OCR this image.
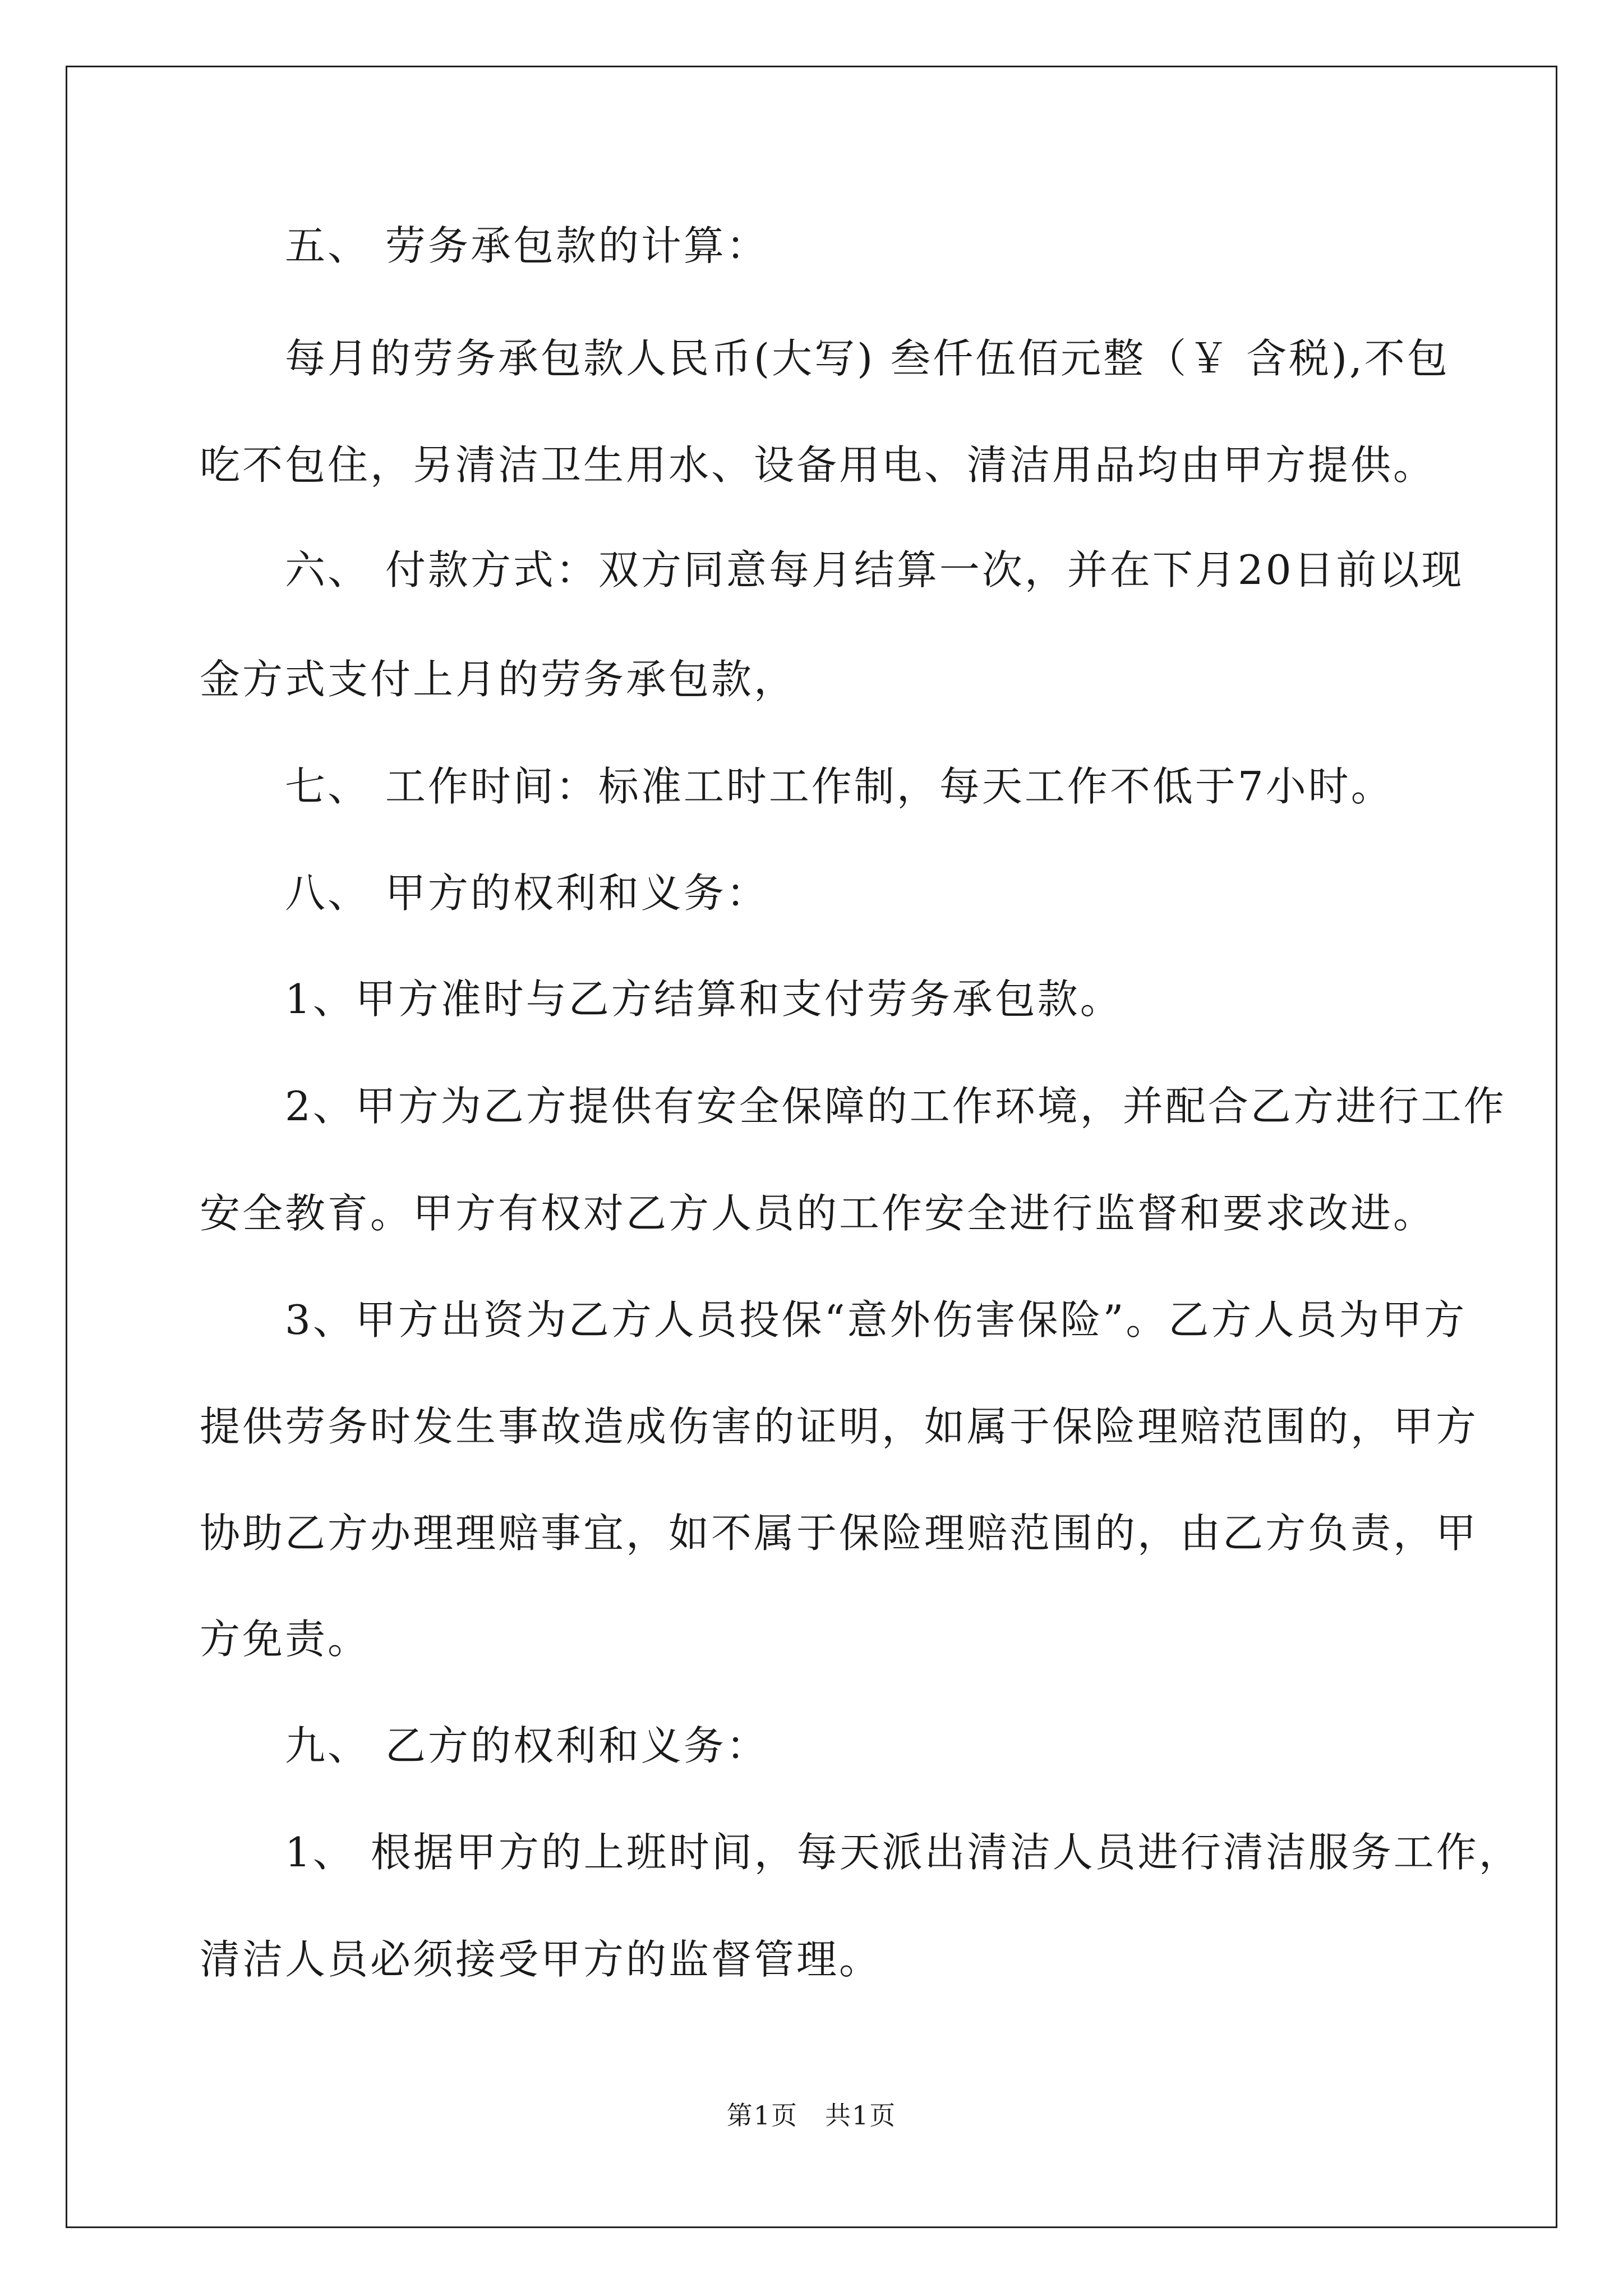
　　五、 劳务承包款的计算：
　　每月的劳务承包款人民币(大写) 叁仟伍佰元整（￥ 含税),不包
吃不包住，另清洁卫生用水、设备用电、清洁用品均由甲方提供。
　　六、 付款方式：双方同意每月结算一次，并在下月20日前以现
金方式支付上月的劳务承包款，
　　七、 工作时间：标准工时工作制，每天工作不低于7小时。
　　八、 甲方的权利和义务：
　　1、甲方准时与乙方结算和支付劳务承包款。
　　2、甲方为乙方提供有安全保障的工作环境，并配合乙方进行工作
安全教育。甲方有权对乙方人员的工作安全进行监督和要求改进。
　　3、甲方出资为乙方人员投保“意外伤害保险”。乙方人员为甲方
提供劳务时发生事故造成伤害的证明，如属于保险理赔范围的，甲方
协助乙方办理理赔事宜，如不属于保险理赔范围的，由乙方负责，甲
方免责。
　　九、 乙方的权利和义务：
　　1、 根据甲方的上班时间，每天派出清洁人员进行清洁服务工作，
清洁人员必须接受甲方的监督管理。
第1页　共1页
